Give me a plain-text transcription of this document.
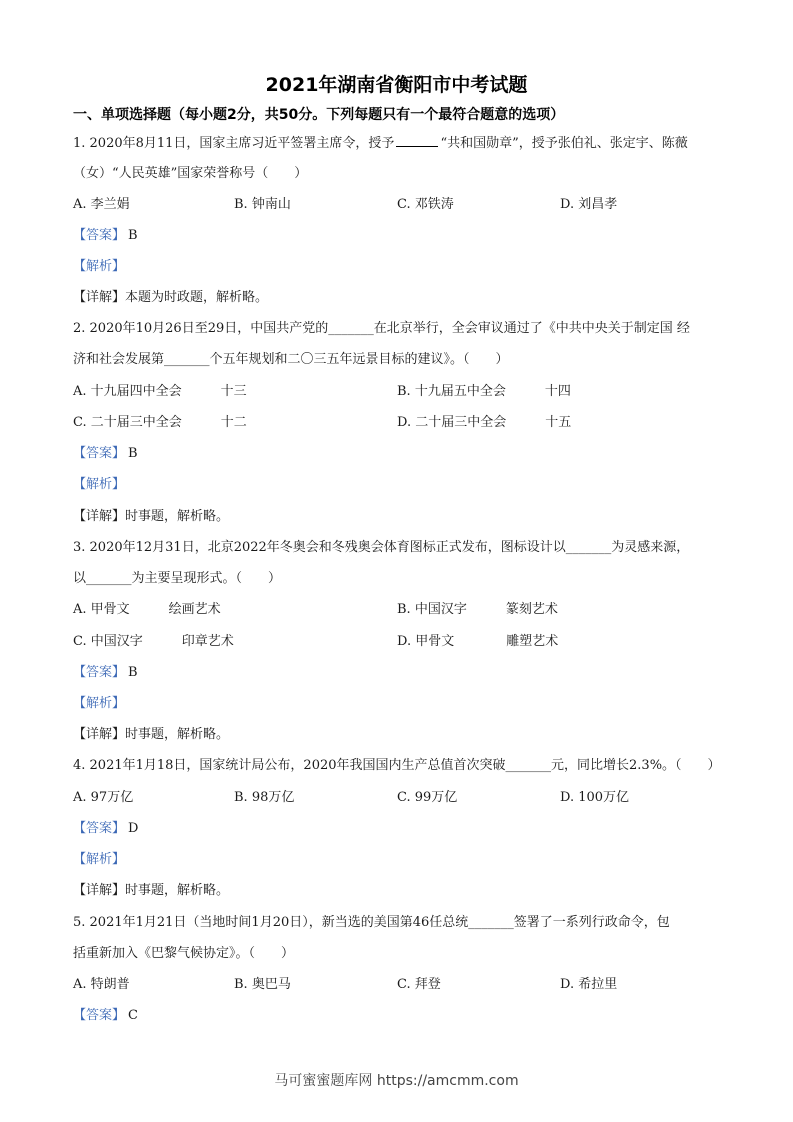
2021年湖南省衡阳市中考试题
一、单项选择题（每小题2分，共50分。下列每题只有一个最符合题意的选项）
1. 2020年8月11日，国家主席习近平签署主席令，授予	“共和国勋章”，授予张伯礼、张定宇、陈薇
（女）“人民英雄”国家荣誉称号（　　）
A. 李兰娟	B. 钟南山	C. 邓铁涛	D. 刘昌孝
【答案】 B
【解析】
【详解】本题为时政题，解析略。
2. 2020年10月26日至29日，中国共产党的_______在北京举行，全会审议通过了《中共中央关于制定国 经
济和社会发展第_______个五年规划和二〇三五年远景目标的建议》。（　　）
A. 十九届四中全会　　　十三	B. 十九届五中全会　　　十四
C. 二十届三中全会　　　十二	D. 二十届三中全会　　　十五
【答案】 B
【解析】
【详解】时事题，解析略。
3. 2020年12月31日，北京2022年冬奥会和冬残奥会体育图标正式发布，图标设计以_______为灵感来源，
以_______为主要呈现形式。（　　）
A. 甲骨文　　　绘画艺术	B. 中国汉字　　　篆刻艺术
C. 中国汉字　　　印章艺术	D. 甲骨文　　　　雕塑艺术
【答案】 B
【解析】
【详解】时事题，解析略。
4. 2021年1月18日，国家统计局公布，2020年我国国内生产总值首次突破_______元，同比增长2.3%。（　　）
A. 97万亿	B. 98万亿	C. 99万亿	D. 100万亿
【答案】 D
【解析】
【详解】时事题，解析略。
5. 2021年1月21日（当地时间1月20日），新当选的美国第46任总统_______签署了一系列行政命令，包
括重新加入《巴黎气候协定》。（　　）
A. 特朗普	B. 奥巴马	C. 拜登	D. 希拉里
【答案】 C
马可蜜蜜题库网 https://amcmm.com
